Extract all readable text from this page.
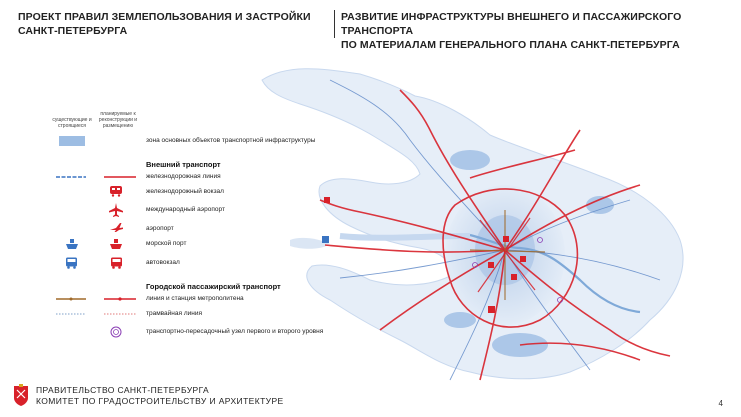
ПРОЕКТ ПРАВИЛ ЗЕМЛЕПОЛЬЗОВАНИЯ И ЗАСТРОЙКИ
САНКТ-ПЕТЕРБУРГА
РАЗВИТИЕ ИНФРАСТРУКТУРЫ ВНЕШНЕГО И ПАССАЖИРСКОГО ТРАНСПОРТА
ПО МАТЕРИАЛАМ ГЕНЕРАЛЬНОГО ПЛАНА САНКТ-ПЕТЕРБУРГА
существующие и строящиеся
планируемые к реконструкции и размещению
зона основных объектов транспортной инфраструктуры
Внешний транспорт
железнодорожная линия
железнодорожный вокзал
международный аэропорт
аэропорт
морской порт
автовокзал
Городской пассажирский транспорт
линия и станция метрополитена
трамвайная линия
транспортно-пересадочный узел первого и второго уровня
ПРАВИТЕЛЬСТВО САНКТ-ПЕТЕРБУРГА
КОМИТЕТ ПО ГРАДОСТРОИТЕЛЬСТВУ И АРХИТЕКТУРЕ	4
